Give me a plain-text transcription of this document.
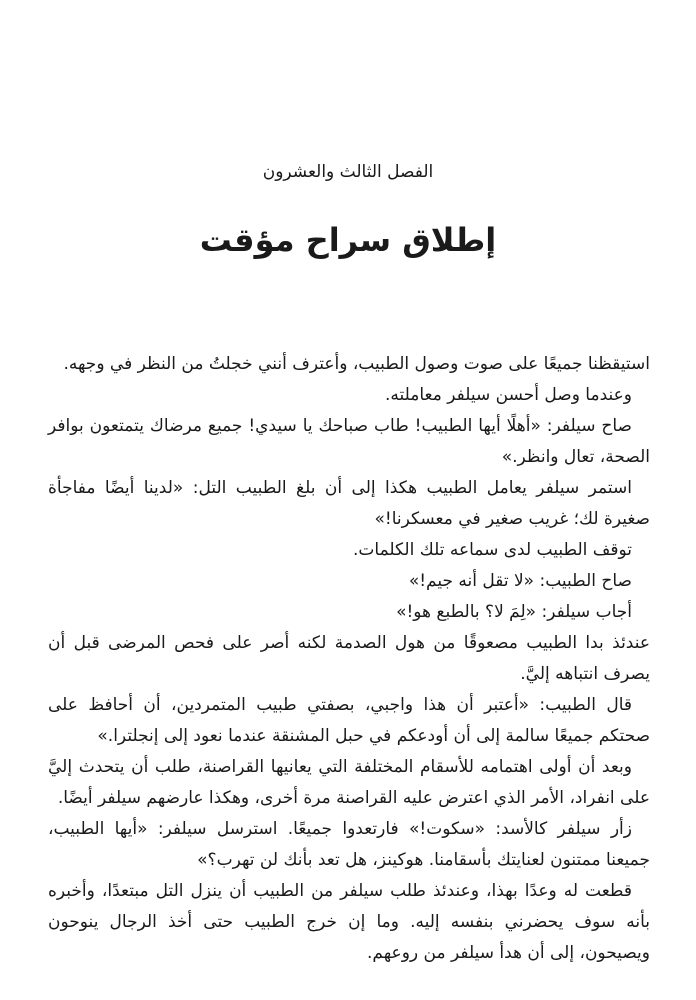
الفصل الثالث والعشرون
إطلاق سراح مؤقت

استيقظنا جميعًا على صوت وصول الطبيب، وأعترف أنني خجلتُ من النظر في وجهه.

وعندما وصل أحسن سيلفر معاملته.

صاح سيلفر: «أهلًا أيها الطبيب! طاب صباحك يا سيدي! جميع مرضاك يتمتعون بوافر الصحة، تعال وانظر.»

استمر سيلفر يعامل الطبيب هكذا إلى أن بلغ الطبيب التل: «لدينا أيضًا مفاجأة صغيرة لك؛ غريب صغير في معسكرنا!»

توقف الطبيب لدى سماعه تلك الكلمات.

صاح الطبيب: «لا تقل أنه جيم!»

أجاب سيلفر: «لِمَ لا؟ بالطبع هو!»

عندئذ بدا الطبيب مصعوقًا من هول الصدمة لكنه أصر على فحص المرضى قبل أن يصرف انتباهه إليَّ.

قال الطبيب: «أعتبر أن هذا واجبي، بصفتي طبيب المتمردين، أن أحافظ على صحتكم جميعًا سالمة إلى أن أودعكم في حبل المشنقة عندما نعود إلى إنجلترا.»

وبعد أن أولى اهتمامه للأسقام المختلفة التي يعانيها القراصنة، طلب أن يتحدث إليَّ على انفراد، الأمر الذي اعترض عليه القراصنة مرة أخرى، وهكذا عارضهم سيلفر أيضًا.

زأر سيلفر كالأسد: «سكوت!» فارتعدوا جميعًا. استرسل سيلفر: «أيها الطبيب، جميعنا ممتنون لعنايتك بأسقامنا. هوكينز، هل تعد بأنك لن تهرب؟»

قطعت له وعدًا بهذا، وعندئذ طلب سيلفر من الطبيب أن ينزل التل مبتعدًا، وأخبره بأنه سوف يحضرني بنفسه إليه. وما إن خرج الطبيب حتى أخذ الرجال ينوحون ويصيحون، إلى أن هدأ سيلفر من روعهم.
